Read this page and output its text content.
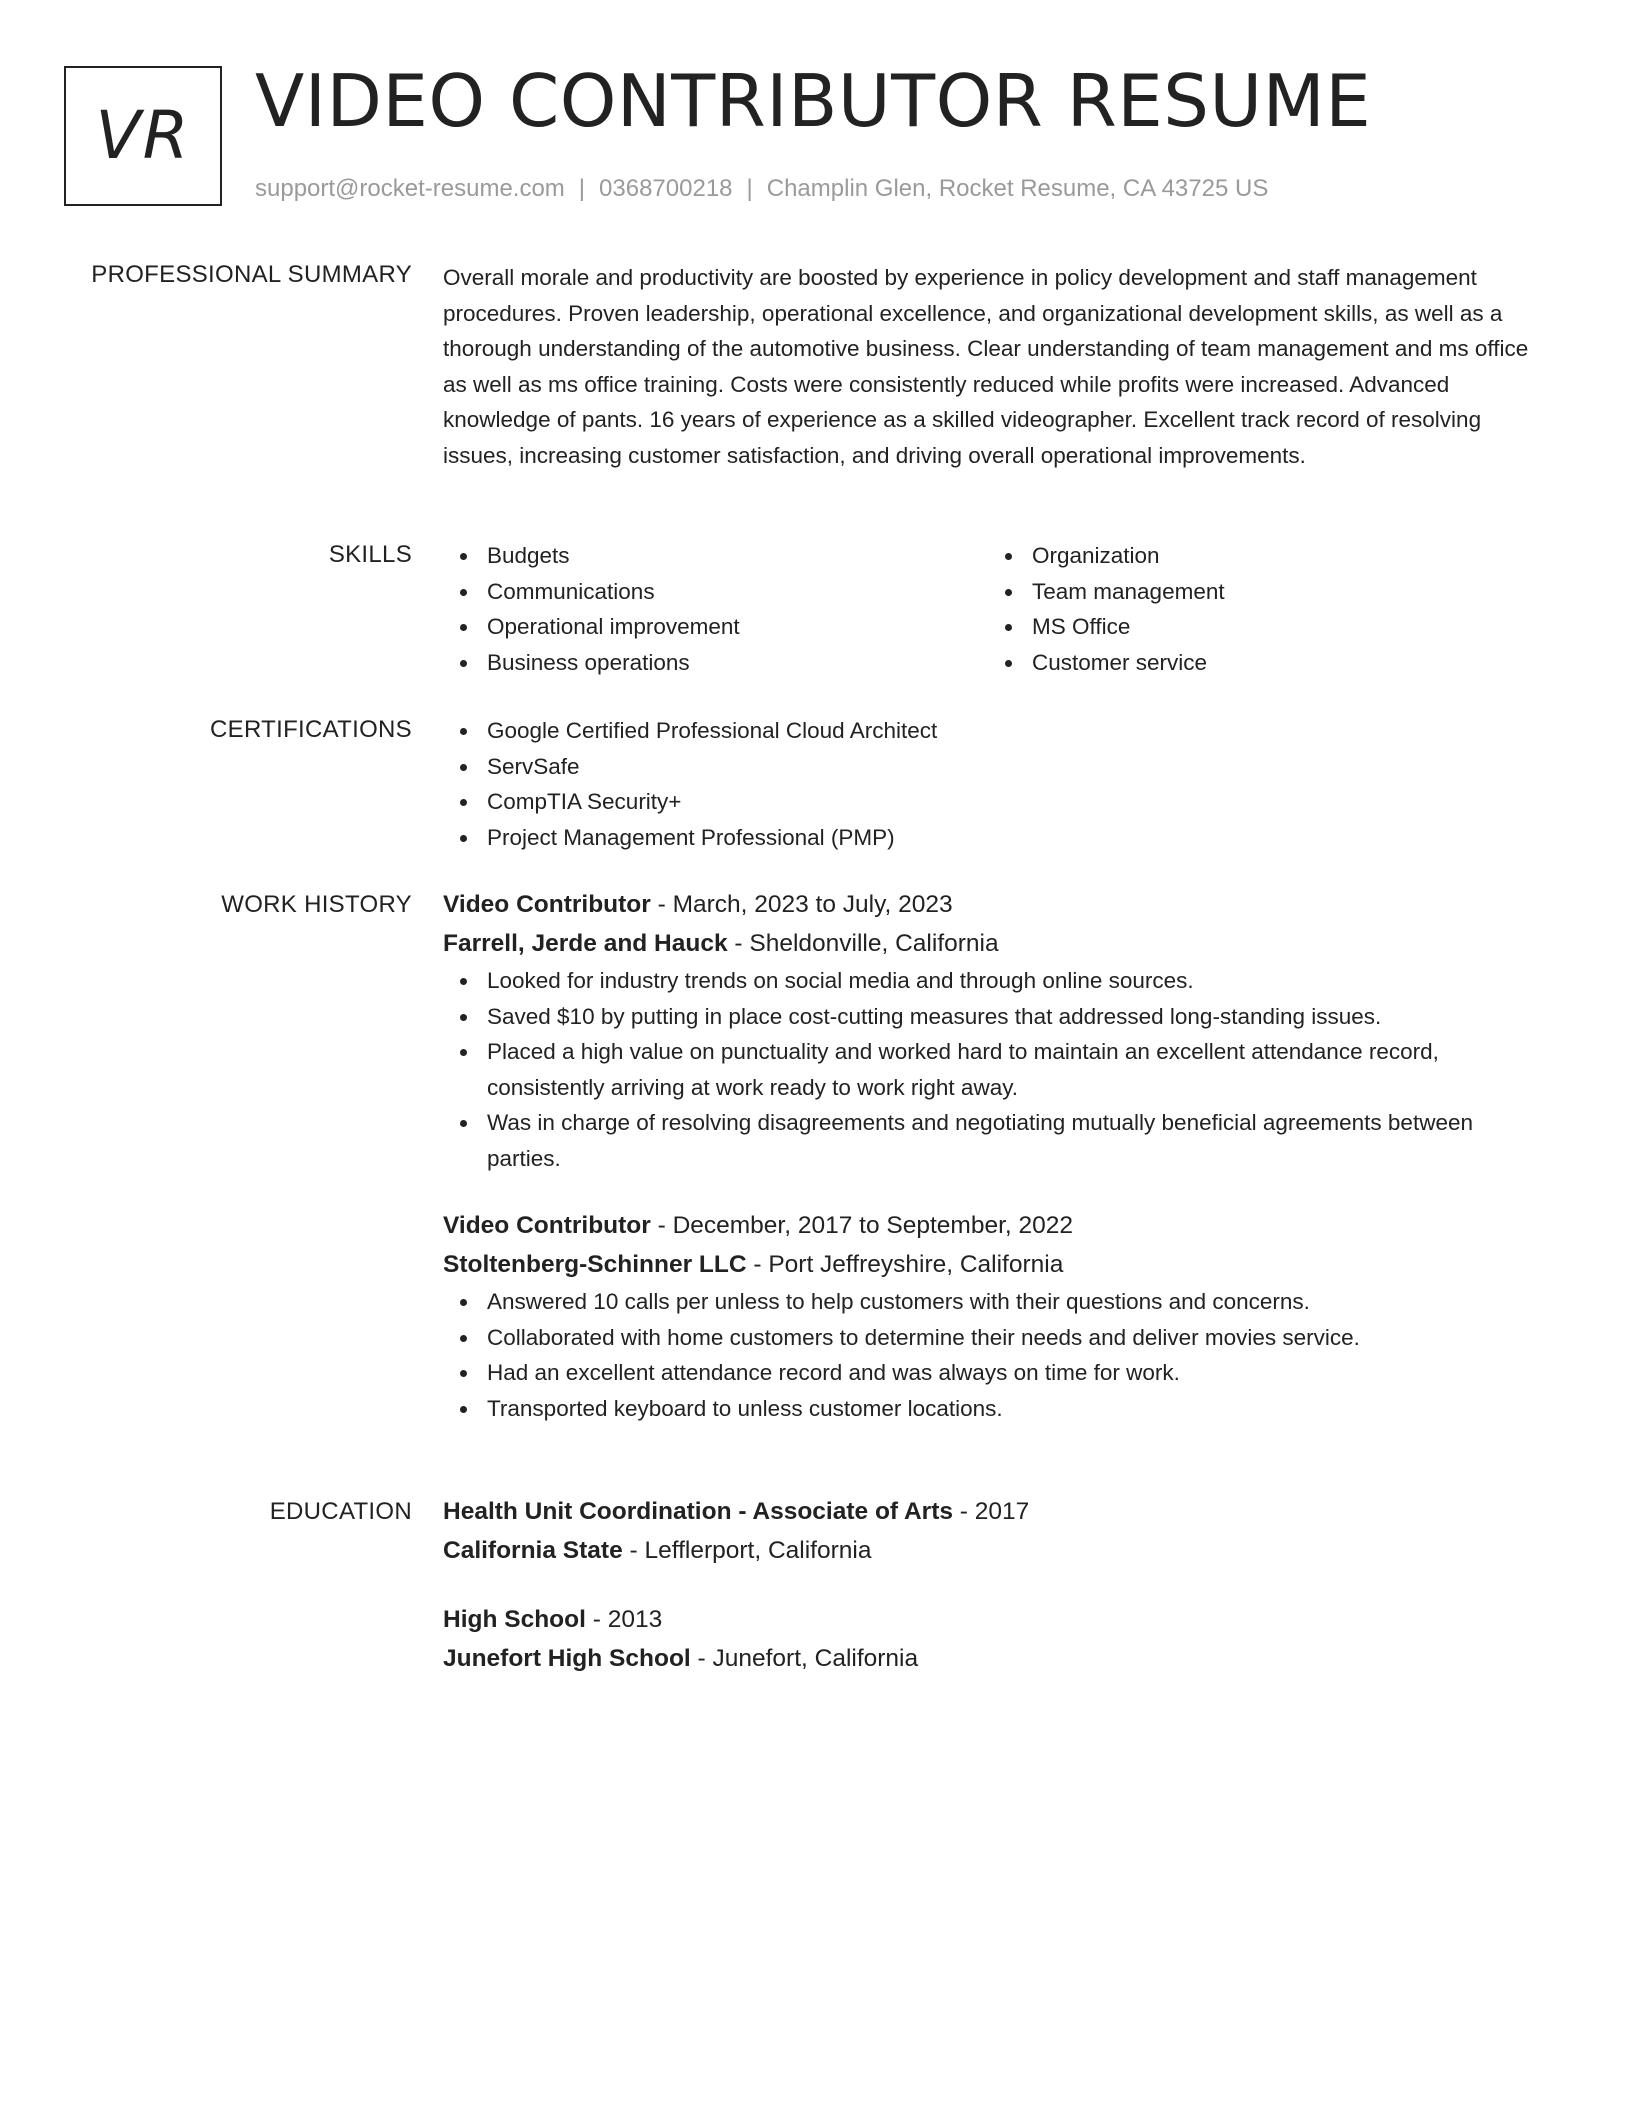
VR VIDEO CONTRIBUTOR RESUME
support@rocket-resume.com | 0368700218 | Champlin Glen, Rocket Resume, CA 43725 US
PROFESSIONAL SUMMARY Overall morale and productivity are boosted by experience in policy development and staff management procedures. Proven leadership, operational excellence, and organizational development skills, as well as a thorough understanding of the automotive business. Clear understanding of team management and ms office as well as ms office training. Costs were consistently reduced while profits were increased. Advanced knowledge of pants. 16 years of experience as a skilled videographer. Excellent track record of resolving issues, increasing customer satisfaction, and driving overall operational improvements.

SKILLS	Budgets
Communications
Operational improvement
Business operations
Organization
Team management
MS Office
Customer service
CERTIFICATIONS	Google Certified Professional Cloud Architect
ServSafe
CompTIA Security+
Project Management Professional (PMP)
WORK HISTORY Video Contributor - March, 2023 to July, 2023
Farrell, Jerde and Hauck - Sheldonville, California
Looked for industry trends on social media and through online sources.
Saved $10 by putting in place cost-cutting measures that addressed long-standing issues.
Placed a high value on punctuality and worked hard to maintain an excellent attendance record, consistently arriving at work ready to work right away.
Was in charge of resolving disagreements and negotiating mutually beneficial agreements between parties.
Video Contributor - December, 2017 to September, 2022
Stoltenberg-Schinner LLC - Port Jeffreyshire, California
Answered 10 calls per unless to help customers with their questions and concerns.
Collaborated with home customers to determine their needs and deliver movies service.
Had an excellent attendance record and was always on time for work.
Transported keyboard to unless customer locations.
EDUCATION Health Unit Coordination - Associate of Arts - 2017
California State - Lefflerport, California
High School - 2013
Junefort High School - Junefort, California
